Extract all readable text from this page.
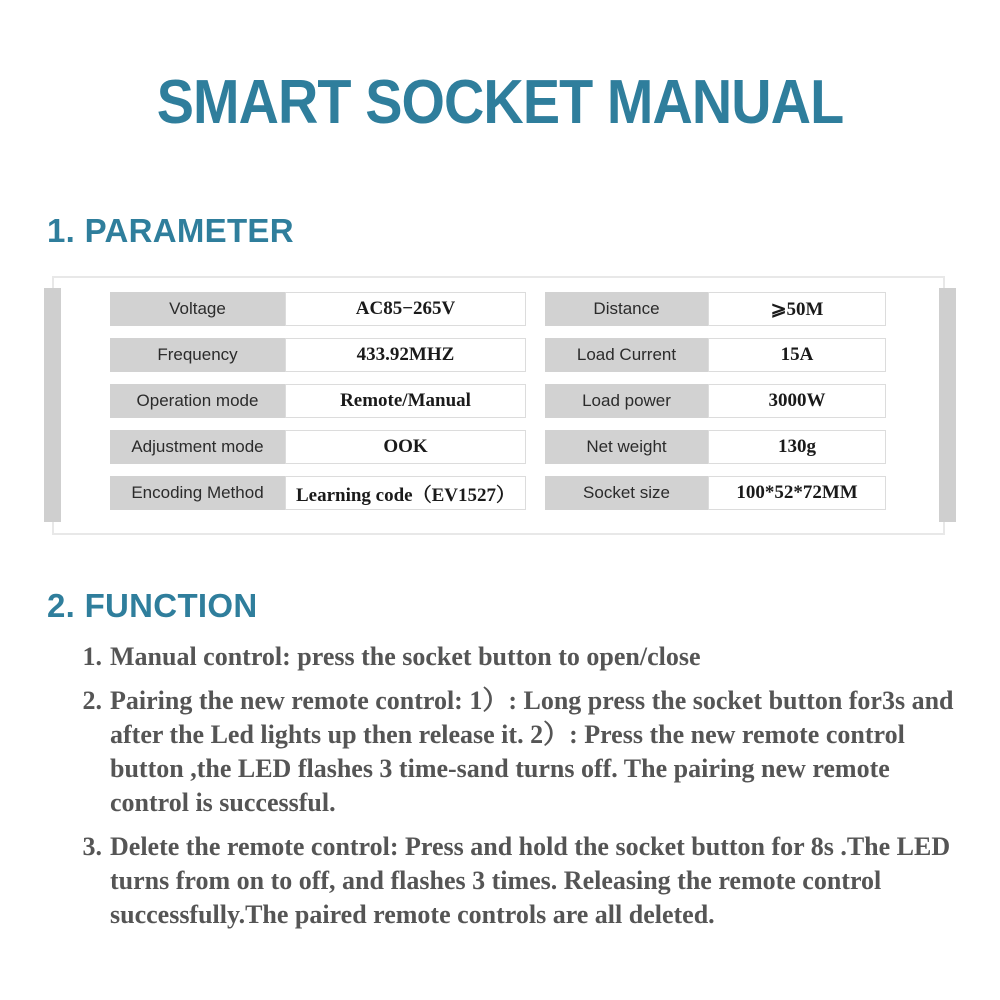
SMART SOCKET MANUAL
1. PARAMETER
Voltage	AC85−265V
Frequency	433.92MHZ
Operation mode	Remote/Manual
Adjustment mode	OOK
Encoding Method	Learning code（EV1527）
Distance	⩾50M
Load Current	15A
Load power	3000W
Net weight	130g
Socket size	100*52*72MM
2. FUNCTION
1. Manual control: press the socket button to open/close
2. Pairing the new remote control: 1）: Long press the socket button for3s and after the Led lights up then release it. 2）: Press the new remote control button ,the LED flashes 3 time-sand turns off. The pairing new remote control is successful.
3. Delete the remote control: Press and hold the socket button for 8s .The LED turns from on to off, and flashes 3 times. Releasing the remote control successfully.The paired remote controls are all deleted.
